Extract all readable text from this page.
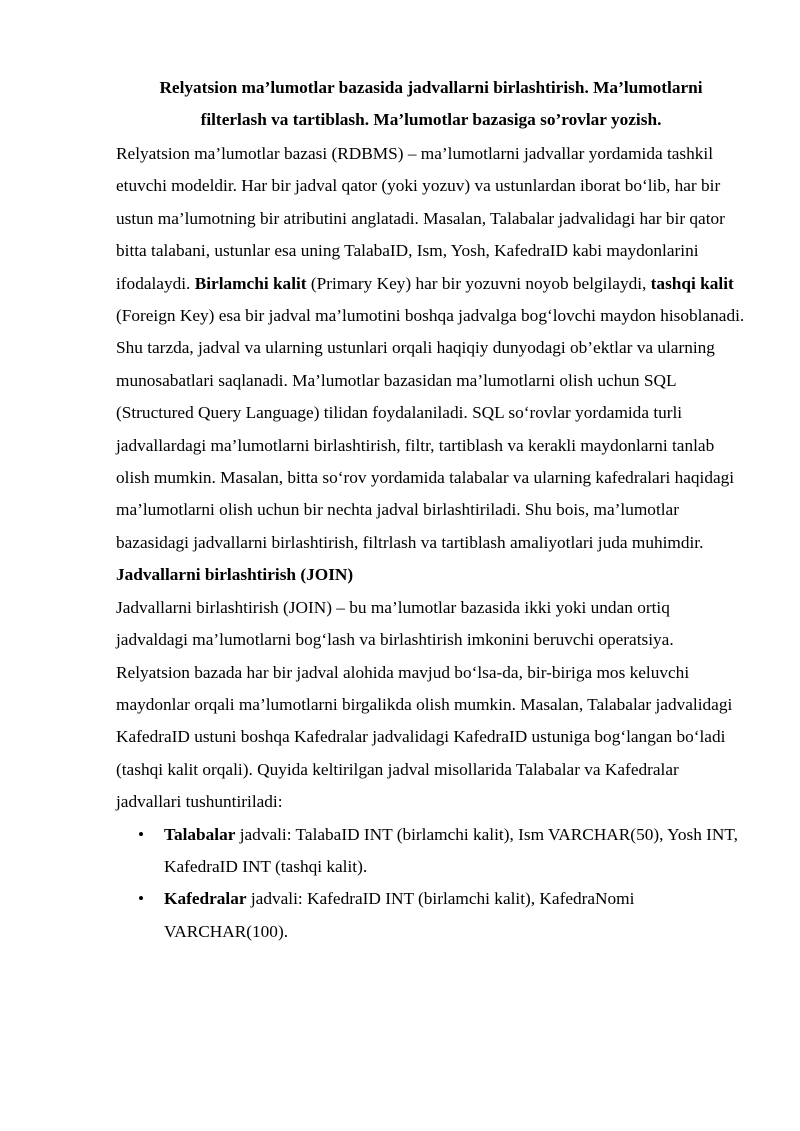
Relyatsion ma’lumotlar bazasida jadvallarni birlashtirish. Ma’lumotlarni
filterlash va tartiblash. Ma’lumotlar bazasiga so’rovlar yozish.

Relyatsion ma’lumotlar bazasi (RDBMS) – ma’lumotlarni jadvallar yordamida tashkil etuvchi modeldir. Har bir jadval qator (yoki yozuv) va ustunlardan iborat bo‘lib, har bir ustun ma’lumotning bir atributini anglatadi. Masalan, Talabalar jadvalidagi har bir qator bitta talabani, ustunlar esa uning TalabaID, Ism, Yosh, KafedraID kabi maydonlarini ifodalaydi. Birlamchi kalit (Primary Key) har bir yozuvni noyob belgilaydi, tashqi kalit (Foreign Key) esa bir jadval ma’lumotini boshqa jadvalga bog‘lovchi maydon hisoblanadi. Shu tarzda, jadval va ularning ustunlari orqali haqiqiy dunyodagi ob’ektlar va ularning munosabatlari saqlanadi. Ma’lumotlar bazasidan ma’lumotlarni olish uchun SQL (Structured Query Language) tilidan foydalaniladi. SQL so‘rovlar yordamida turli jadvallardagi ma’lumotlarni birlashtirish, filtr, tartiblash va kerakli maydonlarni tanlab olish mumkin. Masalan, bitta so‘rov yordamida talabalar va ularning kafedralari haqidagi ma’lumotlarni olish uchun bir nechta jadval birlashtiriladi. Shu bois, ma’lumotlar bazasidagi jadvallarni birlashtirish, filtrlash va tartiblash amaliyotlari juda muhimdir.

Jadvallarni birlashtirish (JOIN)

Jadvallarni birlashtirish (JOIN) – bu ma’lumotlar bazasida ikki yoki undan ortiq jadvaldagi ma’lumotlarni bog‘lash va birlashtirish imkonini beruvchi operatsiya. Relyatsion bazada har bir jadval alohida mavjud bo‘lsa-da, bir-biriga mos keluvchi maydonlar orqali ma’lumotlarni birgalikda olish mumkin. Masalan, Talabalar jadvalidagi KafedraID ustuni boshqa Kafedralar jadvalidagi KafedraID ustuniga bog‘langan bo‘ladi (tashqi kalit orqali). Quyida keltirilgan jadval misollarida Talabalar va Kafedralar jadvallari tushuntiriladi:

• Talabalar jadvali: TalabaID INT (birlamchi kalit), Ism VARCHAR(50), Yosh INT, KafedraID INT (tashqi kalit).
• Kafedralar jadvali: KafedraID INT (birlamchi kalit), KafedraNomi VARCHAR(100).
